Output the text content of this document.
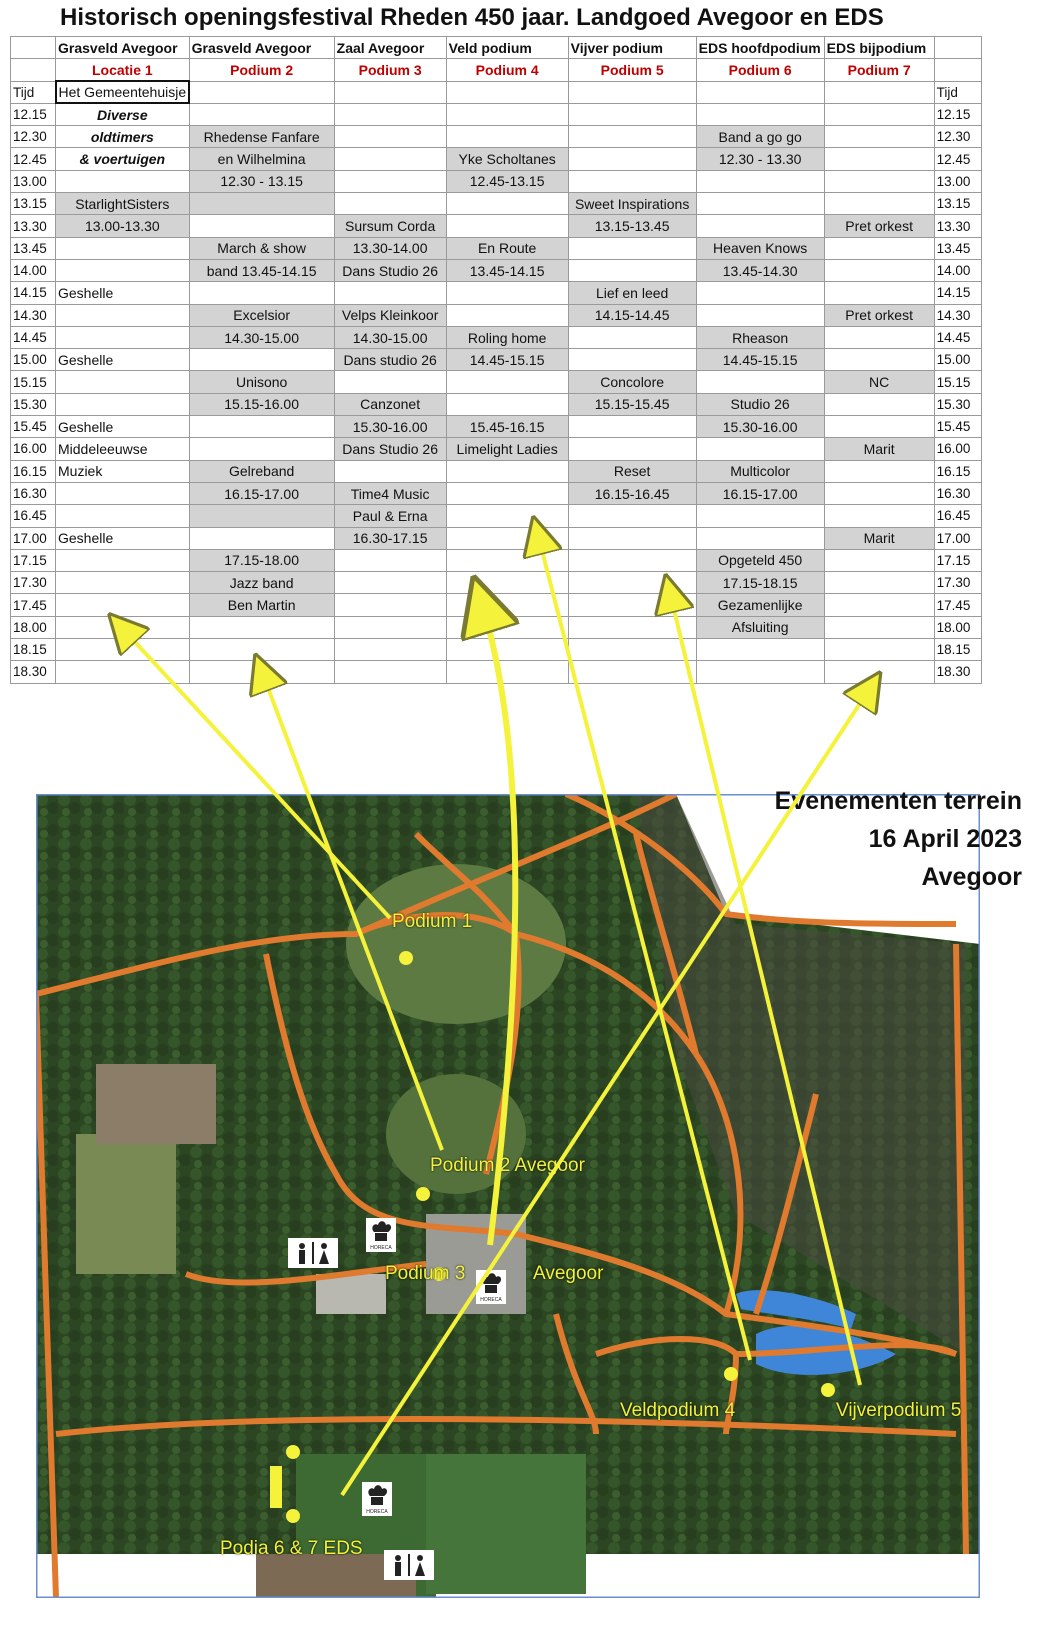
Historisch openingsfestival Rheden 450 jaar. Landgoed Avegoor en EDS
	Grasveld Avegoor	Grasveld Avegoor	Zaal Avegoor	Veld podium	Vijver podium	EDS hoofdpodium	EDS bijpodium	
	Locatie 1	Podium 2	Podium 3	Podium 4	Podium 5	Podium 6	Podium 7	
Tijd	Het Gemeentehuisje							Tijd
12.15	Diverse							12.15
12.30	oldtimers	Rhedense Fanfare				Band a go go		12.30
12.45	& voertuigen	en Wilhelmina		Yke Scholtanes		12.30 - 13.30		12.45
13.00		12.30 - 13.15		12.45-13.15				13.00
13.15	StarlightSisters				Sweet Inspirations			13.15
13.30	13.00-13.30		Sursum Corda		13.15-13.45		Pret orkest	13.30
13.45		March & show	13.30-14.00	En Route		Heaven Knows		13.45
14.00		band 13.45-14.15	Dans Studio 26	13.45-14.15		13.45-14.30		14.00
14.15	Geshelle				Lief en leed			14.15
14.30		Excelsior	Velps Kleinkoor		14.15-14.45		Pret orkest	14.30
14.45		14.30-15.00	14.30-15.00	Roling home		Rheason		14.45
15.00	Geshelle		Dans studio 26	14.45-15.15		14.45-15.15		15.00
15.15		Unisono			Concolore		NC	15.15
15.30		15.15-16.00	Canzonet		15.15-15.45	Studio 26		15.30
15.45	Geshelle		15.30-16.00	15.45-16.15		15.30-16.00		15.45
16.00	Middeleeuwse		Dans Studio 26	Limelight Ladies			Marit	16.00
16.15	Muziek	Gelreband			Reset	Multicolor		16.15
16.30		16.15-17.00	Time4 Music		16.15-16.45	16.15-17.00		16.30
16.45			Paul & Erna					16.45
17.00	Geshelle		16.30-17.15				Marit	17.00
17.15		17.15-18.00				Opgeteld 450		17.15
17.30		Jazz band				17.15-18.15		17.30
17.45		Ben Martin				Gezamenlijke		17.45
18.00						Afsluiting		18.00
18.15								18.15
18.30								18.30
HORECA
HORECA
HORECA
Evenementen terrein
16 April 2023
Avegoor
Podium 1
Podium 2 Avegoor
Podium 3	Avegoor
Veldpodium 4	Vijverpodium 5
Podia 6 & 7 EDS
